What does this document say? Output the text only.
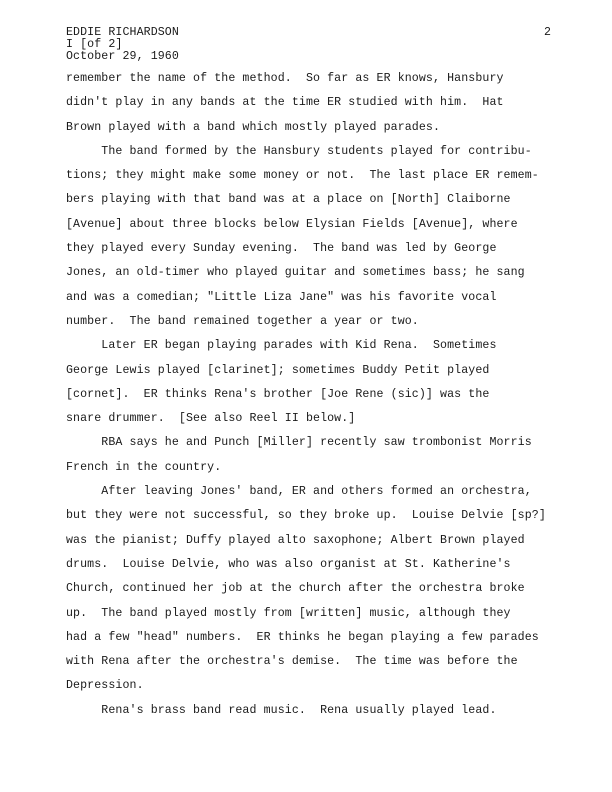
EDDIE RICHARDSON
I [of 2]
October 29, 1960
2
remember the name of the method.  So far as ER knows, Hansbury
didn't play in any bands at the time ER studied with him.  Hat
Brown played with a band which mostly played parades.
The band formed by the Hansbury students played for contribu-
tions; they might make some money or not.  The last place ER remem-
bers playing with that band was at a place on [North] Claiborne
[Avenue] about three blocks below Elysian Fields [Avenue], where
they played every Sunday evening.  The band was led by George
Jones, an old-timer who played guitar and sometimes bass; he sang
and was a comedian; "Little Liza Jane" was his favorite vocal
number.  The band remained together a year or two.
Later ER began playing parades with Kid Rena.  Sometimes
George Lewis played [clarinet]; sometimes Buddy Petit played
[cornet].  ER thinks Rena's brother [Joe Rene (sic)] was the
snare drummer.  [See also Reel II below.]
RBA says he and Punch [Miller] recently saw trombonist Morris
French in the country.
After leaving Jones' band, ER and others formed an orchestra,
but they were not successful, so they broke up.  Louise Delvie [sp?]
was the pianist; Duffy played alto saxophone; Albert Brown played
drums.  Louise Delvie, who was also organist at St. Katherine's
Church, continued her job at the church after the orchestra broke
up.  The band played mostly from [written] music, although they
had a few "head" numbers.  ER thinks he began playing a few parades
with Rena after the orchestra's demise.  The time was before the
Depression.
Rena's brass band read music.  Rena usually played lead.
